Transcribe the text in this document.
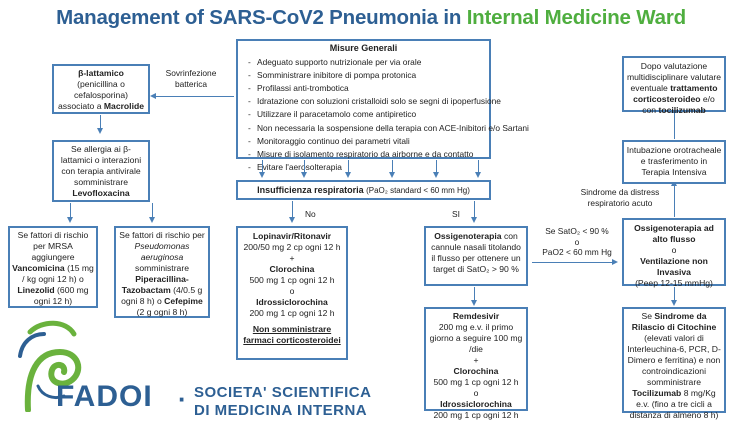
Management of SARS-CoV2 Pneumonia in Internal Medicine Ward
Misure Generali
- Adeguato supporto nutrizionale per via orale
- Somministrare inibitore di pompa protonica
- Profilassi anti-trombotica
- Idratazione con soluzioni cristalloidi solo se segni di ipoperfusione
- Utilizzare il paracetamolo come antipiretico
- Non necessaria la sospensione della terapia con ACE-Inibitori e/o Sartani
- Monitoraggio continuo dei parametri vitali
- Misure di isolamento respiratorio da airborne e da contatto
- Evitare l'aerosolterapia
β-lattamico
(penicillina o
cefalosporina)
associato a Macrolide
Sovrinfezione batterica
Se allergia ai β-lattamici o interazioni con terapia antivirale somministrare Levofloxacina
Se fattori di rischio per MRSA aggiungere Vancomicina (15 mg / kg ogni 12 h) o Linezolid (600 mg ogni 12 h)
Se fattori di rischio per Pseudomonas aeruginosa somministrare Piperacillina-Tazobactam (4/0.5 g ogni 8 h) o Cefepime (2 g ogni 8 h)
Insufficienza respiratoria (PaO₂ standard < 60 mm Hg)
No	SI
Lopinavir/Ritonavir
200/50 mg 2 cp ogni 12 h
+
Clorochina
500 mg 1 cp ogni 12 h
o
Idrossiclorochina
200 mg 1 cp ogni 12 h
Non somministrare farmaci corticosteroidei
Ossigenoterapia con cannule nasali titolando il flusso per ottenere un target di SatO₂ > 90 %
Remdesivir
200 mg e.v. il primo giorno a seguire 100 mg /die
+
Clorochina
500 mg 1 cp ogni 12 h
o
Idrossiclorochina
200 mg 1 cp ogni 12 h
Se SatO₂ < 90 %
o
PaO2 < 60 mm Hg
Ossigenoterapia ad alto flusso
o
Ventilazione non Invasiva
(Peep 12-15 mmHg)
Sindrome da distress respiratorio acuto
Intubazione orotracheale e trasferimento in Terapia Intensiva
Dopo valutazione multidisciplinare valutare eventuale trattamento corticosteroideo e/o con tocilizumab
Se Sindrome da Rilascio di Citochine (elevati valori di Interleuchina-6, PCR, D-Dimero e ferritina) e non controindicazioni somministrare Tocilizumab 8 mg/Kg e.v. (fino a tre cicli a distanza di almeno 8 h)
FADOI · SOCIETA' SCIENTIFICA
DI MEDICINA INTERNA
